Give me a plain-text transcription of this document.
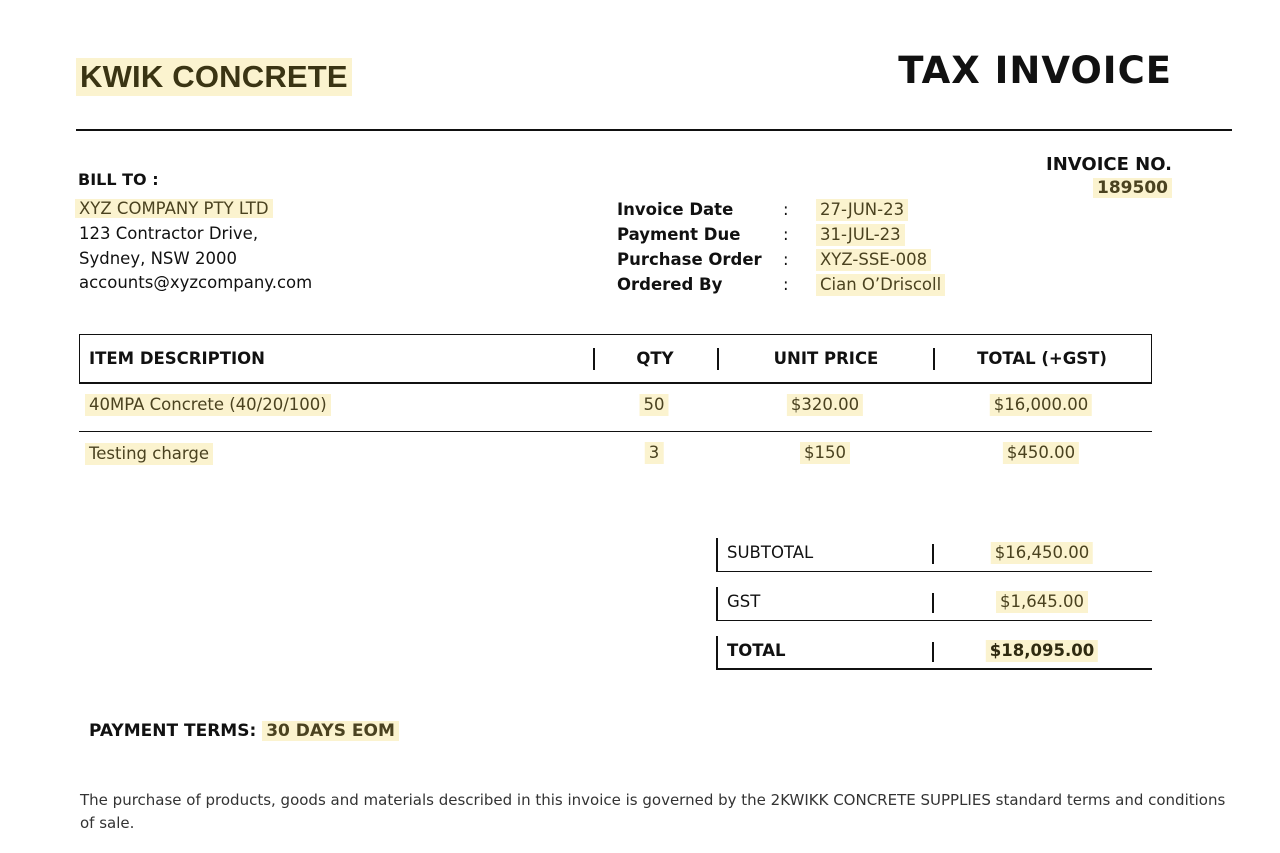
KWIK CONCRETE	TAX INVOICE
INVOICE NO.
189500
BILL TO :
XYZ COMPANY PTY LTD
123 Contractor Drive,
Sydney, NSW 2000
accounts@xyzcompany.com
Invoice Date	: 27-JUN-23
Payment Due	: 31-JUL-23
Purchase Order : XYZ-SSE-008
Ordered By	: Cian O’Driscoll
ITEM DESCRIPTION	QTY	UNIT PRICE	TOTAL (+GST)
40MPA Concrete (40/20/100)	50	$320.00	$16,000.00
Testing charge	3	$150	$450.00
SUBTOTAL	$16,450.00
GST	$1,645.00
TOTAL	$18,095.00
PAYMENT TERMS: 30 DAYS EOM
The purchase of products, goods and materials described in this invoice is governed by the 2KWIKK CONCRETE SUPPLIES standard terms and conditions of sale.
